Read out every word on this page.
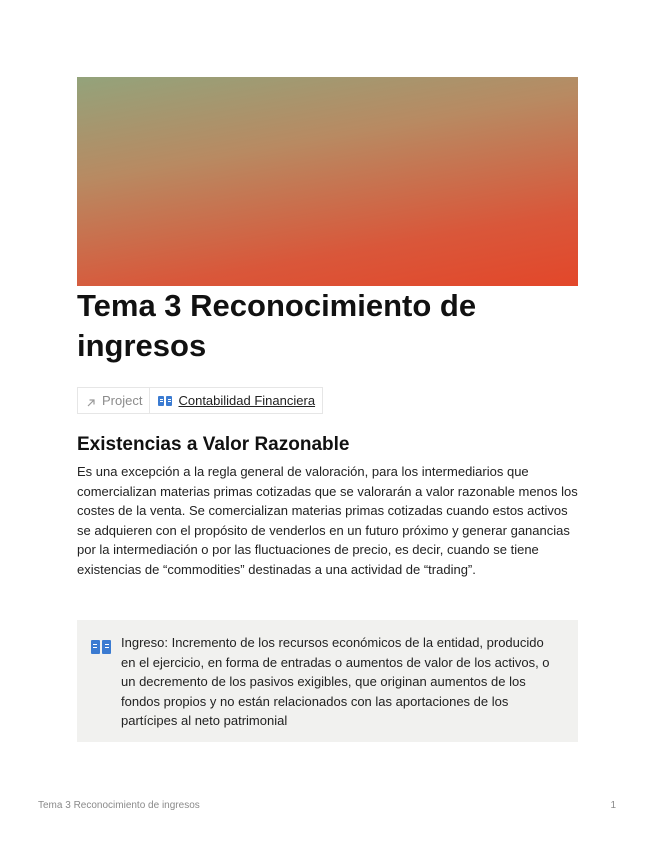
Tema 3 Reconocimiento de ingresos
Project	Contabilidad Financiera
Existencias a Valor Razonable

Es una excepción a la regla general de valoración, para los intermediarios que comercializan materias primas cotizadas que se valorarán a valor razonable menos los costes de la venta. Se comercializan materias primas cotizadas cuando estos activos se adquieren con el propósito de venderlos en un futuro próximo y generar ganancias por la intermediación o por las fluctuaciones de precio, es decir, cuando se tiene existencias de “commodities” destinadas a una actividad de “trading”.

Ingreso: Incremento de los recursos económicos de la entidad, producido en el ejercicio, en forma de entradas o aumentos de valor de los activos, o un decremento de los pasivos exigibles, que originan aumentos de los fondos propios y no están relacionados con las aportaciones de los partícipes al neto patrimonial

Tema 3 Reconocimiento de ingresos	1
